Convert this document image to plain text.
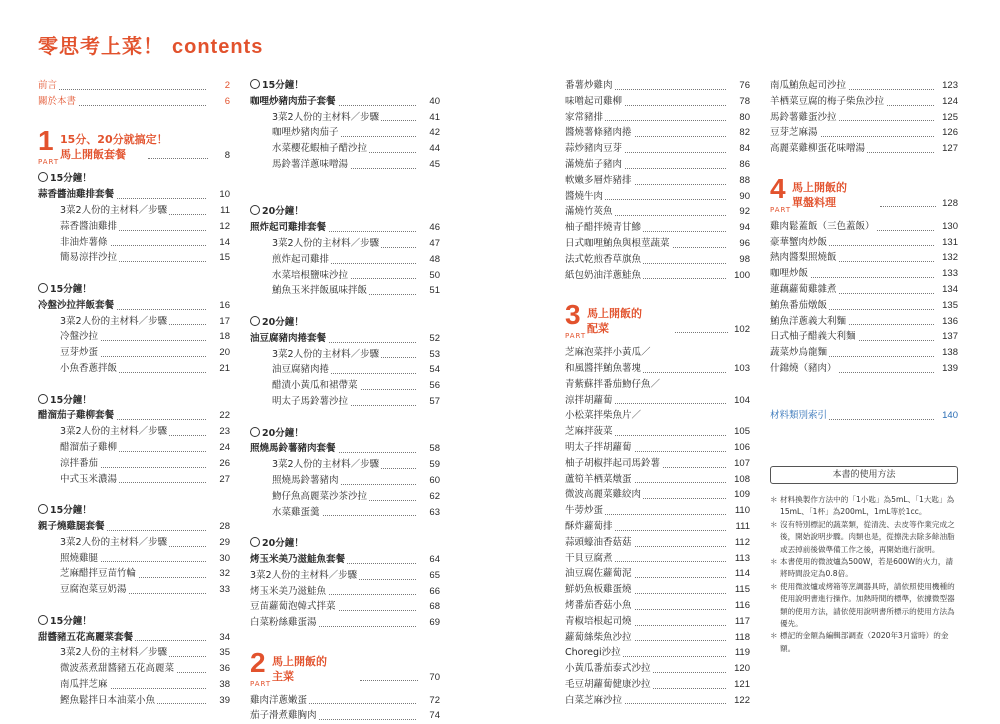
零思考上菜！ contents
前言	2
關於本書	6
1
PART
15分、20分就搞定！
馬上開飯套餐	8
15分鐘！
蒜香醬油雞排套餐	10
3菜2人份的主材料／步驟	11
蒜香醬油雞排	12
非油炸薯條	14
簡易涼拌沙拉	15
15分鐘！
冷盤沙拉拌飯套餐	16
3菜2人份的主材料／步驟	17
冷盤沙拉	18
豆芽炒蛋	20
小魚香蔥拌飯	21
15分鐘！
醋溜茄子雞柳套餐	22
3菜2人份的主材料／步驟	23
醋溜茄子雞柳	24
涼拌番茄	26
中式玉米濃湯	27
15分鐘！
親子燒雞腿套餐	28
3菜2人份的主材料／步驟	29
照燒雞腿	30
芝麻醋拌豆苗竹輪	32
豆腐泡菜豆奶湯	33
15分鐘！
甜醬豬五花高麗菜套餐	34
3菜2人份的主材料／步驟	35
微波蒸煮甜醬豬五花高麗菜	36
南瓜拌芝麻	38
鰹魚鬆拌日本油菜小魚	39
15分鐘！
咖哩炒豬肉茄子套餐	40
3菜2人份的主材料／步驟	41
咖哩炒豬肉茄子	42
水菜櫻花蝦柚子醋沙拉	44
馬鈴薯洋蔥味噌湯	45
20分鐘！
照炸起司雞排套餐	46
3菜2人份的主材料／步驟	47
煎炸起司雞排	48
水菜培根鹽味沙拉	50
鮪魚玉米拌飯風味拌飯	51
20分鐘！
油豆腐豬肉捲套餐	52
3菜2人份的主材料／步驟	53
油豆腐豬肉捲	54
醋漬小黃瓜和裙帶菜	56
明太子馬鈴薯沙拉	57
20分鐘！
照燒馬鈴薯豬肉套餐	58
3菜2人份的主材料／步驟	59
照燒馬鈴薯豬肉	60
魩仔魚高麗菜沙茶沙拉	62
水菜雞蛋羹	63
20分鐘！
烤玉米美乃滋鮭魚套餐	64
3菜2人份的主材料／步驟	65
烤玉米美乃滋鮭魚	66
豆苗蘿蔔泡韓式拌菜	68
白菜粉絲雞蛋湯	69
2
PART
馬上開飯的
主菜	70
雞肉洋蔥嫩蛋	72
茄子滑煮雞胸肉	74
番薯炒雞肉	76
味噌起司雞柳	78
家常豬排	80
醬燒薯條豬肉捲	82
蒜炒豬肉豆芽	84
滿燒茄子豬肉	86
軟嫩多層炸豬排	88
醬燒牛肉	90
滿燒竹莢魚	92
柚子醋拌燒青甘鰺	94
日式咖哩鮪魚與根莖蔬菜	96
法式乾煎香草旗魚	98
紙包奶油洋蔥鮭魚	100
3
PART
馬上開飯的
配菜	102
芝麻泡菜拌小黃瓜／
和風醬拌鮪魚薯塊	103
青紫蘇拌番茄魩仔魚／
涼拌胡蘿蔔	104
小松菜拌柴魚片／
芝麻拌菠菜	105
明太子拌胡蘿蔔	106
柚子胡椒拌起司馬鈴薯	107
蘆筍羊栖菜燉蛋	108
微波高麗菜雞絞肉	109
牛蒡炒蛋	110
酥炸蘿蔔排	111
蒜頭蠔油香菇菇	112
干貝豆腐煮	113
油豆腐佐蘿蔔泥	114
鮮奶魚板雞蛋燒	115
烤番茄香菇小魚	116
青椒培根起司燒	117
蘿蔔絲柴魚沙拉	118
Choregi沙拉	119
小黃瓜番茄泰式沙拉	120
毛豆胡蘿蔔健康沙拉	121
白菜芝麻沙拉	122
南瓜鮪魚起司沙拉	123
羊栖菜豆腐的梅子柴魚沙拉	124
馬鈴薯雞蛋沙拉	125
豆芽芝麻湯	126
高麗菜雞柳蛋花味噌湯	127
4
PART
馬上開飯的
單盤料理	128
雞肉鬆蓋飯（三色蓋飯）	130
豪華蟹肉炒飯	131
熱肉醬梨照燒飯	132
咖哩炒飯	133
蓮藕蘿蔔雞雜煮	134
鮪魚番茄燉飯	135
鮪魚洋蔥義大利麵	136
日式柚子醋義大利麵	137
蔬菜炒烏龍麵	138
什錦燒（豬肉）	139
材料類別索引	140
本書的使用方法
＊ 材料換製作方法中的「1小匙」為5mL、「1大匙」為15mL、「1杯」為200mL，1mL等於1cc。
＊ 沒有特別標記的蔬菜類，從清洗、去皮等作業完成之後，開始說明步驟。肉類也是，從擦洗去除多餘油脂或丟掉前後做準備工作之後，再開始進行說明。
＊ 本書使用的微波爐為500W，若是600W的火力，請將時間設定為0.8倍。
＊ 使用微波爐或烤箱等烹調器具時，請依照使用機種的使用說明書進行操作。加熱時間的標準，依據微型器類的使用方法，請依使用說明書所標示的使用方法為優先。
＊ 標記的金額為編輯部調查（2020年3月當時）的金額。
